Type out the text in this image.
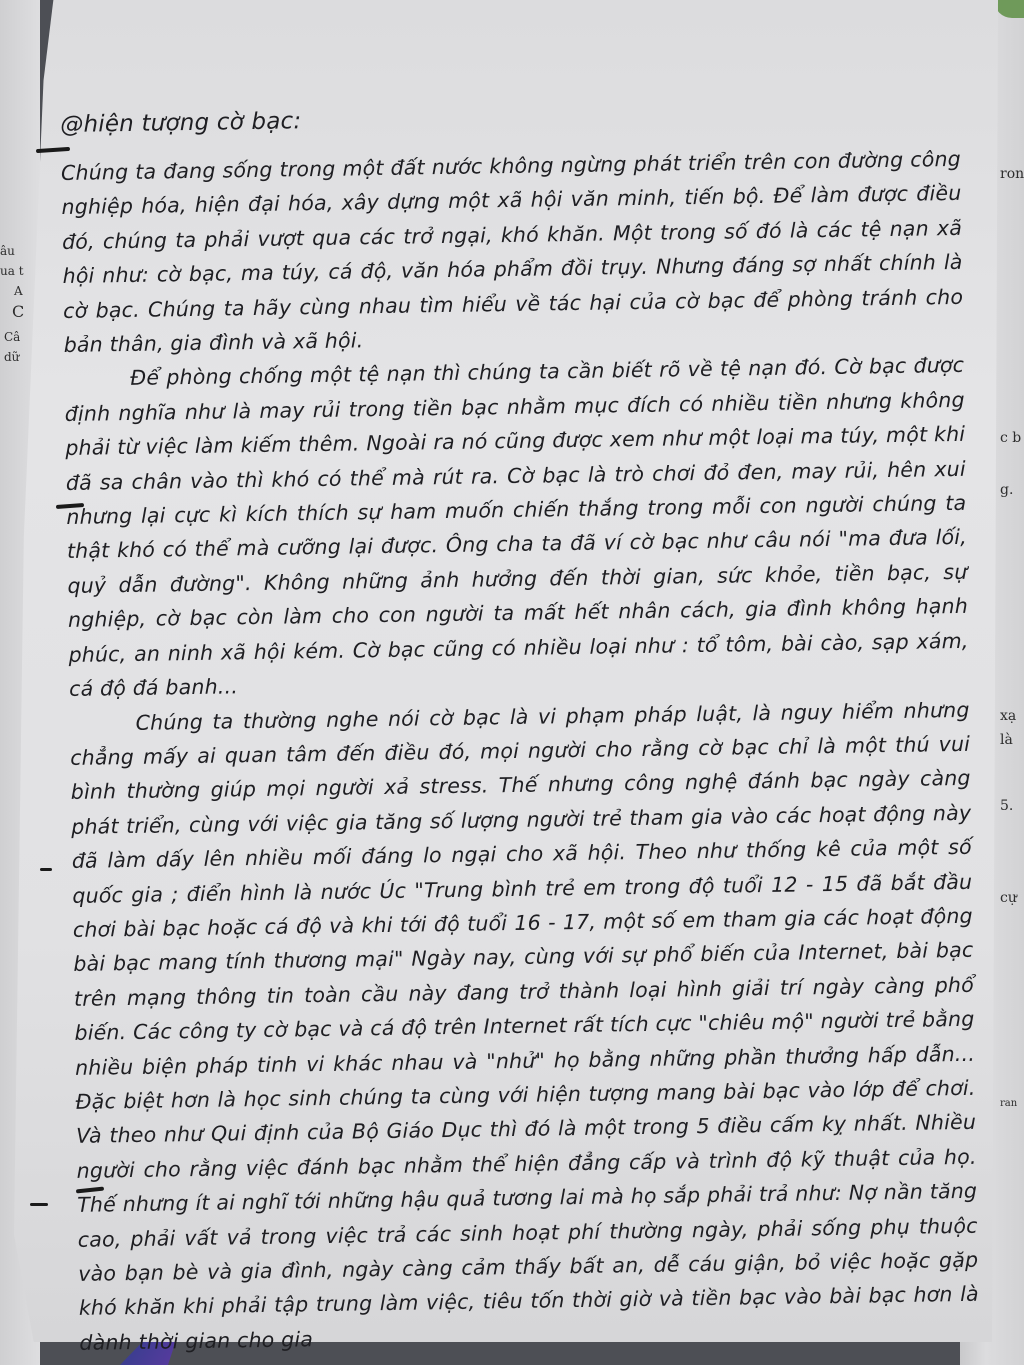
ron
c b
g.
xạ
là
5.
cự
ran
âu
ua t
A
C
Câ
dữ

@hiện tượng cờ bạc:

Chúng ta đang sống trong một đất nước không ngừng phát triển trên con đường công nghiệp hóa, hiện đại hóa, xây dựng một xã hội văn minh, tiến bộ. Để làm được điều đó, chúng ta phải vượt qua các trở ngại, khó khăn. Một trong số đó là các tệ nạn xã hội như: cờ bạc, ma túy, cá độ, văn hóa phẩm đồi trụy. Nhưng đáng sợ nhất chính là cờ bạc. Chúng ta hãy cùng nhau tìm hiểu về tác hại của cờ bạc để phòng tránh cho bản thân, gia đình và xã hội.

Để phòng chống một tệ nạn thì chúng ta cần biết rõ về tệ nạn đó. Cờ bạc được định nghĩa như là may rủi trong tiền bạc nhằm mục đích có nhiều tiền nhưng không phải từ việc làm kiếm thêm. Ngoài ra nó cũng được xem như một loại ma túy, một khi đã sa chân vào thì khó có thể mà rút ra. Cờ bạc là trò chơi đỏ đen, may rủi, hên xui nhưng lại cực kì kích thích sự ham muốn chiến thắng trong mỗi con người chúng ta thật khó có thể mà cưỡng lại được. Ông cha ta đã ví cờ bạc như câu nói "ma đưa lối, quỷ dẫn đường". Không những ảnh hưởng đến thời gian, sức khỏe, tiền bạc, sự nghiệp, cờ bạc còn làm cho con người ta mất hết nhân cách, gia đình không hạnh phúc, an ninh xã hội kém. Cờ bạc cũng có nhiều loại như : tổ tôm, bài cào, sạp xám, cá độ đá banh...

Chúng ta thường nghe nói cờ bạc là vi phạm pháp luật, là nguy hiểm nhưng chẳng mấy ai quan tâm đến điều đó, mọi người cho rằng cờ bạc chỉ là một thú vui bình thường giúp mọi người xả stress. Thế nhưng công nghệ đánh bạc ngày càng phát triển, cùng với việc gia tăng số lượng người trẻ tham gia vào các hoạt động này đã làm dấy lên nhiều mối đáng lo ngại cho xã hội. Theo như thống kê của một số quốc gia ; điển hình là nước Úc "Trung bình trẻ em trong độ tuổi 12 - 15 đã bắt đầu chơi bài bạc hoặc cá độ và khi tới độ tuổi 16 - 17, một số em tham gia các hoạt động bài bạc mang tính thương mại" Ngày nay, cùng với sự phổ biến của Internet, bài bạc trên mạng thông tin toàn cầu này đang trở thành loại hình giải trí ngày càng phổ biến. Các công ty cờ bạc và cá độ trên Internet rất tích cực "chiêu mộ" người trẻ bằng nhiều biện pháp tinh vi khác nhau và "nhử" họ bằng những phần thưởng hấp dẫn... Đặc biệt hơn là học sinh chúng ta cùng với hiện tượng mang bài bạc vào lớp để chơi. Và theo như Qui định của Bộ Giáo Dục thì đó là một trong 5 điều cấm kỵ nhất. Nhiều người cho rằng việc đánh bạc nhằm thể hiện đẳng cấp và trình độ kỹ thuật của họ. Thế nhưng ít ai nghĩ tới những hậu quả tương lai mà họ sắp phải trả như: Nợ nần tăng cao, phải vất vả trong việc trả các sinh hoạt phí thường ngày, phải sống phụ thuộc vào bạn bè và gia đình, ngày càng cảm thấy bất an, dễ cáu giận, bỏ việc hoặc gặp khó khăn khi phải tập trung làm việc, tiêu tốn thời giờ và tiền bạc vào bài bạc hơn là dành thời gian cho gia
